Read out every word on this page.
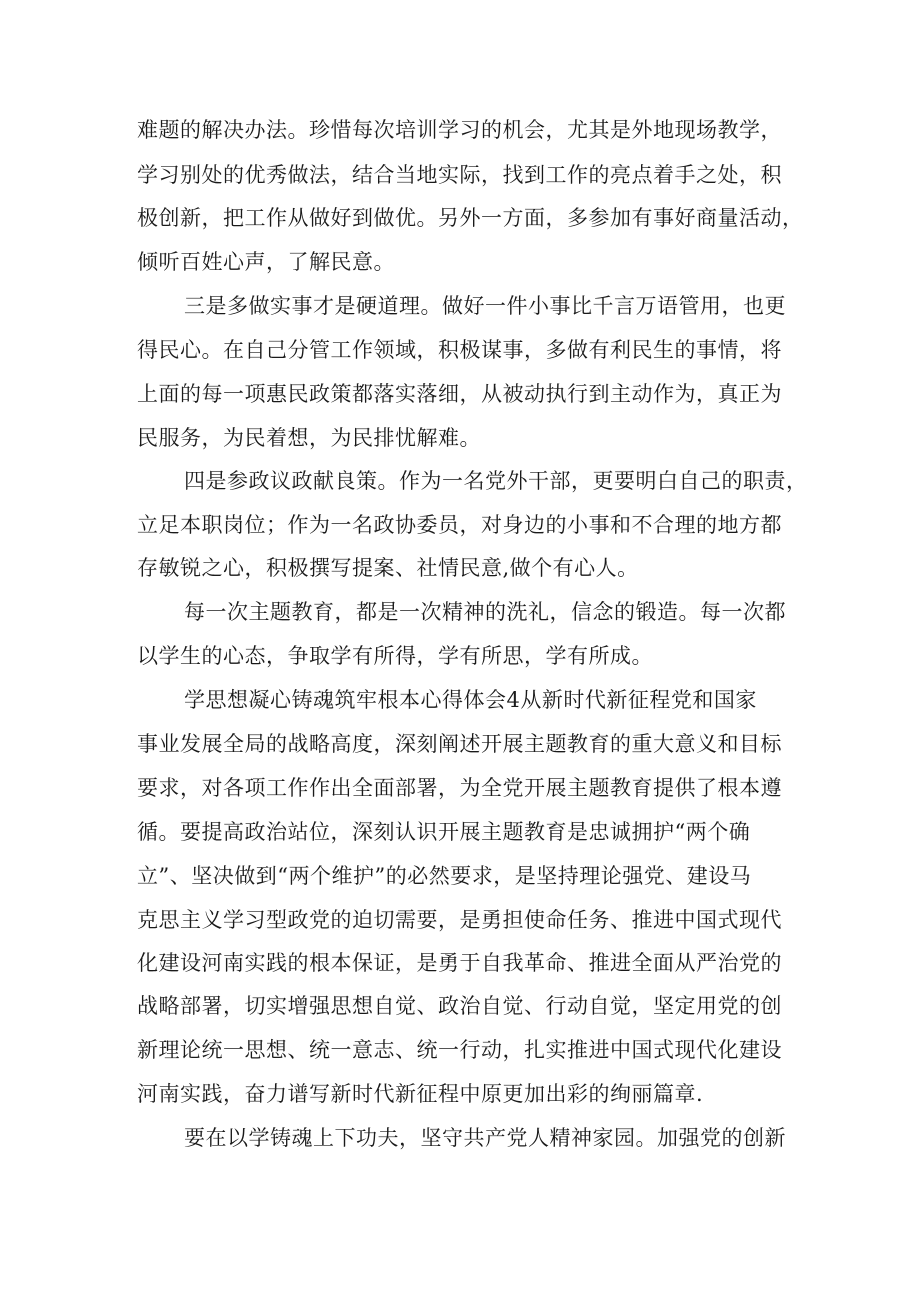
难题的解决办法。珍惜每次培训学习的机会，尤其是外地现场教学，

学习别处的优秀做法，结合当地实际，找到工作的亮点着手之处，积

极创新，把工作从做好到做优。另外一方面，多参加有事好商量活动，

倾听百姓心声，了解民意。

三是多做实事才是硬道理。做好一件小事比千言万语管用，也更

得民心。在自己分管工作领域，积极谋事，多做有利民生的事情，将

上面的每一项惠民政策都落实落细，从被动执行到主动作为，真正为

民服务，为民着想，为民排忧解难。

四是参政议政献良策。作为一名党外干部，更要明白自己的职责，

立足本职岗位；作为一名政协委员，对身边的小事和不合理的地方都

存敏锐之心，积极撰写提案、社情民意,做个有心人。

每一次主题教育，都是一次精神的洗礼，信念的锻造。每一次都

以学生的心态，争取学有所得，学有所思，学有所成。

学思想凝心铸魂筑牢根本心得体会4从新时代新征程党和国家

事业发展全局的战略高度，深刻阐述开展主题教育的重大意义和目标

要求，对各项工作作出全面部署，为全党开展主题教育提供了根本遵

循。要提高政治站位，深刻认识开展主题教育是忠诚拥护“两个确

立”、坚决做到“两个维护”的必然要求，是坚持理论强党、建设马

克思主义学习型政党的迫切需要，是勇担使命任务、推进中国式现代

化建设河南实践的根本保证，是勇于自我革命、推进全面从严治党的

战略部署，切实增强思想自觉、政治自觉、行动自觉，坚定用党的创

新理论统一思想、统一意志、统一行动，扎实推进中国式现代化建设

河南实践，奋力谱写新时代新征程中原更加出彩的绚丽篇章.

要在以学铸魂上下功夫，坚守共产党人精神家园。加强党的创新
